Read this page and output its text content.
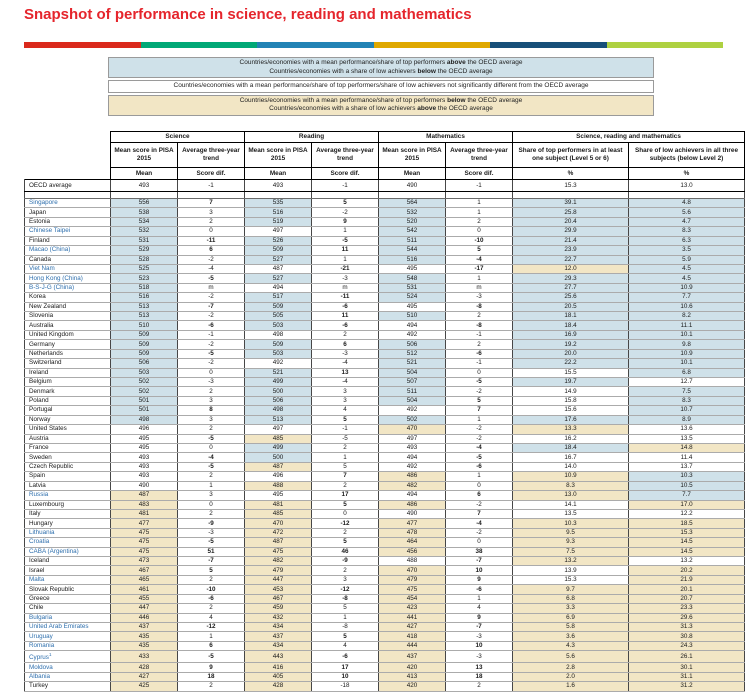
Snapshot of performance in science, reading and mathematics
Countries/economies with a mean performance/share of top performers above the OECD average
Countries/economies with a share of low achievers below the OECD average
Countries/economies with a mean performance/share of top performers/share of low achievers not significantly different from the OECD average
Countries/economies with a mean performance/share of top performers below the OECD average
Countries/economies with a share of low achievers above the OECD average
	Science		Reading		Mathematics		Science, reading and mathematics	
	Mean score in PISA 2015	Average three-year trend	Mean score in PISA 2015	Average three-year trend	Mean score in PISA 2015	Average three-year trend	Share of top performers in at least one subject (Level 5 or 6)	Share of low achievers in all three subjects (below Level 2)
	Mean	Score dif.	Mean	Score dif.	Mean	Score dif.	%	%
OECD average	493	-1	493	-1	490	-1	15.3	13.0

Singapore	556	7	535	5	564	1	39.1	4.8
Japan	538	3	516	-2	532	1	25.8	5.6
Estonia	534	2	519	9	520	2	20.4	4.7
Chinese Taipei	532	0	497	1	542	0	29.9	8.3
Finland	531	-11	526	-5	511	-10	21.4	6.3
Macao (China)	529	6	509	11	544	5	23.9	3.5
Canada	528	-2	527	1	516	-4	22.7	5.9
Viet Nam	525	-4	487	-21	495	-17	12.0	4.5
Hong Kong (China)	523	-5	527	-3	548	1	29.3	4.5
B-S-J-G (China)	518	m	494	m	531	m	27.7	10.9
Korea	516	-2	517	-11	524	-3	25.6	7.7
New Zealand	513	-7	509	-6	495	-8	20.5	10.6
Slovenia	513	-2	505	11	510	2	18.1	8.2
Australia	510	-6	503	-6	494	-8	18.4	11.1
United Kingdom	509	-1	498	2	492	-1	16.9	10.1
Germany	509	-2	509	6	506	2	19.2	9.8
Netherlands	509	-5	503	-3	512	-6	20.0	10.9
Switzerland	506	-2	492	-4	521	-1	22.2	10.1
Ireland	503	0	521	13	504	0	15.5	6.8
Belgium	502	-3	499	-4	507	-5	19.7	12.7
Denmark	502	2	500	3	511	-2	14.9	7.5
Poland	501	3	506	3	504	5	15.8	8.3
Portugal	501	8	498	4	492	7	15.6	10.7
Norway	498	3	513	5	502	1	17.6	8.9
United States	496	2	497	-1	470	-2	13.3	13.6
Austria	495	-5	485	-5	497	-2	16.2	13.5
France	495	0	499	2	493	-4	18.4	14.8
Sweden	493	-4	500	1	494	-5	16.7	11.4
Czech Republic	493	-5	487	5	492	-6	14.0	13.7
Spain	493	2	496	7	486	1	10.9	10.3
Latvia	490	1	488	2	482	0	8.3	10.5
Russia	487	3	495	17	494	6	13.0	7.7
Luxembourg	483	0	481	5	486	-2	14.1	17.0
Italy	481	2	485	0	490	7	13.5	12.2
Hungary	477	-9	470	-12	477	-4	10.3	18.5
Lithuania	475	-3	472	2	478	-2	9.5	15.3
Croatia	475	-5	487	5	464	0	9.3	14.5
CABA (Argentina)	475	51	475	46	456	38	7.5	14.5
Iceland	473	-7	482	-9	488	-7	13.2	13.2
Israel	467	5	479	2	470	10	13.9	20.2
Malta	465	2	447	3	479	9	15.3	21.9
Slovak Republic	461	-10	453	-12	475	-6	9.7	20.1
Greece	455	-6	467	-8	454	1	6.8	20.7
Chile	447	2	459	5	423	4	3.3	23.3
Bulgaria	446	4	432	1	441	9	6.9	29.6
United Arab Emirates	437	-12	434	-8	427	-7	5.8	31.3
Uruguay	435	1	437	5	418	-3	3.6	30.8
Romania	435	6	434	4	444	10	4.3	24.3
Cyprus$^1$	433	-5	443	-6	437	-3	5.6	26.1
Moldova	428	9	416	17	420	13	2.8	30.1
Albania	427	18	405	10	413	18	2.0	31.1
Turkey	425	2	428	-18	420	2	1.6	31.2
